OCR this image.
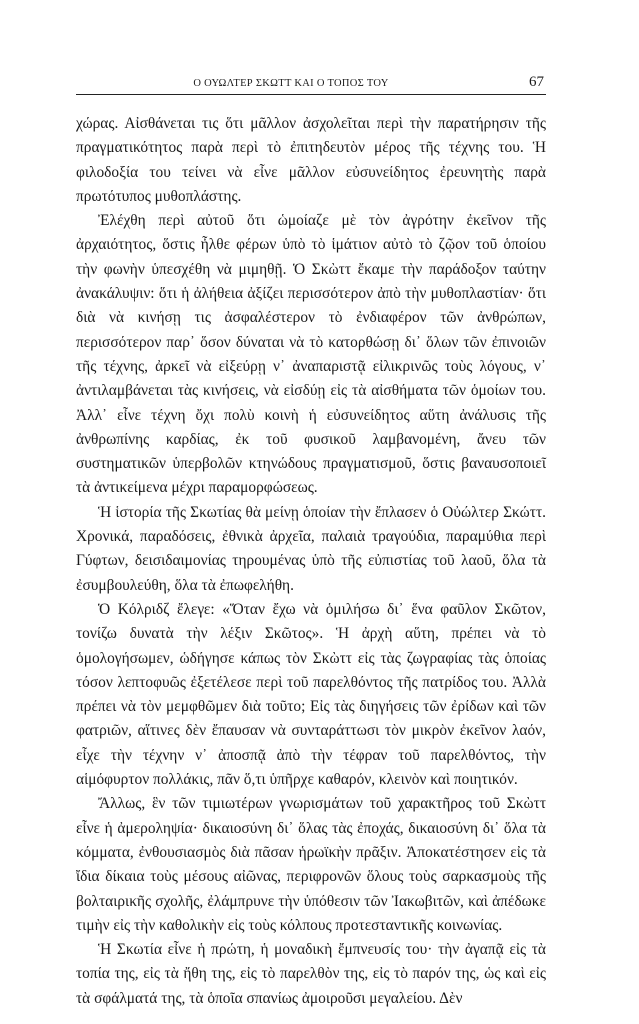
Ο ΟΥΩΛΤΕΡ ΣΚΩΤΤ ΚΑΙ Ο ΤΟΠΟΣ ΤΟΥ	67

χώρας. Αἰσθάνεται τις ὅτι μᾶλλον ἀσχολεῖται περὶ τὴν παρατήρησιν τῆς πραγματικότητος παρὰ περὶ τὸ ἐπιτηδευτὸν μέρος τῆς τέχνης του. Ἡ φιλοδοξία του τείνει νὰ εἶνε μᾶλλον εὐσυνείδητος ἐρευνητὴς παρὰ πρωτότυπος μυθοπλάστης.

Ἐλέχθη περὶ αὐτοῦ ὅτι ὡμοίαζε μὲ τὸν ἀγρότην ἐκεῖνον τῆς ἀρχαιότητος, ὅστις ἦλθε φέρων ὑπὸ τὸ ἱμάτιον αὐτὸ τὸ ζῷον τοῦ ὁποίου τὴν φωνὴν ὑπεσχέθη νὰ μιμηθῇ. Ὁ Σκὼττ ἔκαμε τὴν παράδοξον ταύτην ἀνακάλυψιν: ὅτι ἡ ἀλήθεια ἀξίζει περισσότερον ἀπὸ τὴν μυθοπλαστίαν· ὅτι διὰ νὰ κινήσῃ τις ἀσφαλέστερον τὸ ἐνδιαφέρον τῶν ἀνθρώπων, περισσότερον παρ᾽ ὅσον δύναται νὰ τὸ κατορθώσῃ δι᾽ ὅλων τῶν ἐπινοιῶν τῆς τέχνης, ἀρκεῖ νὰ εἰξεύρῃ ν᾽ ἀναπαριστᾷ εἰλικρινῶς τοὺς λόγους, ν᾽ ἀντιλαμβάνεται τὰς κινήσεις, νὰ εἰσδύῃ εἰς τὰ αἰσθήματα τῶν ὁμοίων του. Ἀλλ᾽ εἶνε τέχνη ὄχι πολὺ κοινὴ ἡ εὐσυνείδητος αὕτη ἀνάλυσις τῆς ἀνθρωπίνης καρδίας, ἐκ τοῦ φυσικοῦ λαμβανομένη, ἄνευ τῶν συστηματικῶν ὑπερβολῶν κτηνώδους πραγματισμοῦ, ὅστις βαναυσοποιεῖ τὰ ἀντικείμενα μέχρι παραμορφώσεως.

Ἡ ἱστορία τῆς Σκωτίας θὰ μείνῃ ὁποίαν τὴν ἔπλασεν ὁ Οὐώλτερ Σκώττ. Χρονικά, παραδόσεις, ἐθνικὰ ἀρχεῖα, παλαιὰ τραγούδια, παραμύθια περὶ Γύφτων, δεισιδαιμονίας τηρουμένας ὑπὸ τῆς εὐπιστίας τοῦ λαοῦ, ὅλα τὰ ἐσυμβουλεύθη, ὅλα τὰ ἐπωφελήθη.

Ὁ Κόλριδζ ἔλεγε: «Ὅταν ἔχω νὰ ὁμιλήσω δι᾽ ἕνα φαῦλον Σκῶτον, τονίζω δυνατὰ τὴν λέξιν Σκῶτος». Ἡ ἀρχὴ αὕτη, πρέπει νὰ τὸ ὁμολογήσωμεν, ὡδήγησε κάπως τὸν Σκὼττ εἰς τὰς ζωγραφίας τὰς ὁποίας τόσον λεπτοφυῶς ἐξετέλεσε περὶ τοῦ παρελθόντος τῆς πατρίδος του. Ἀλλὰ πρέπει νὰ τὸν μεμφθῶμεν διὰ τοῦτο; Εἰς τὰς διηγήσεις τῶν ἐρίδων καὶ τῶν φατριῶν, αἵτινες δὲν ἔπαυσαν νὰ συνταράττωσι τὸν μικρὸν ἐκεῖνον λαόν, εἶχε τὴν τέχνην ν᾽ ἀποσπᾷ ἀπὸ τὴν τέφραν τοῦ παρελθόντος, τὴν αἱμόφυρτον πολλάκις, πᾶν ὅ,τι ὑπῆρχε καθαρόν, κλεινὸν καὶ ποιητικόν.

Ἄλλως, ἓν τῶν τιμιωτέρων γνωρισμάτων τοῦ χαρακτῆρος τοῦ Σκὼττ εἶνε ἡ ἀμεροληψία· δικαιοσύνη δι᾽ ὅλας τὰς ἐποχάς, δικαιοσύνη δι᾽ ὅλα τὰ κόμματα, ἐνθουσιασμὸς διὰ πᾶσαν ἡρωϊκὴν πρᾶξιν. Ἀποκατέστησεν εἰς τὰ ἴδια δίκαια τοὺς μέσους αἰῶνας, περιφρονῶν ὅλους τοὺς σαρκασμοὺς τῆς βολταιρικῆς σχολῆς, ἐλάμπρυνε τὴν ὑπόθεσιν τῶν Ἰακωβιτῶν, καὶ ἀπέδωκε τιμὴν εἰς τὴν καθολικὴν εἰς τοὺς κόλπους προτεσταντικῆς κοινωνίας.

Ἡ Σκωτία εἶνε ἡ πρώτη, ἡ μοναδικὴ ἔμπνευσίς του· τὴν ἀγαπᾷ εἰς τὰ τοπία της, εἰς τὰ ἤθη της, εἰς τὸ παρελθὸν της, εἰς τὸ παρόν της, ὡς καὶ εἰς τὰ σφάλματά της, τὰ ὁποῖα σπανίως ἀμοιροῦσι μεγαλείου. Δὲν
